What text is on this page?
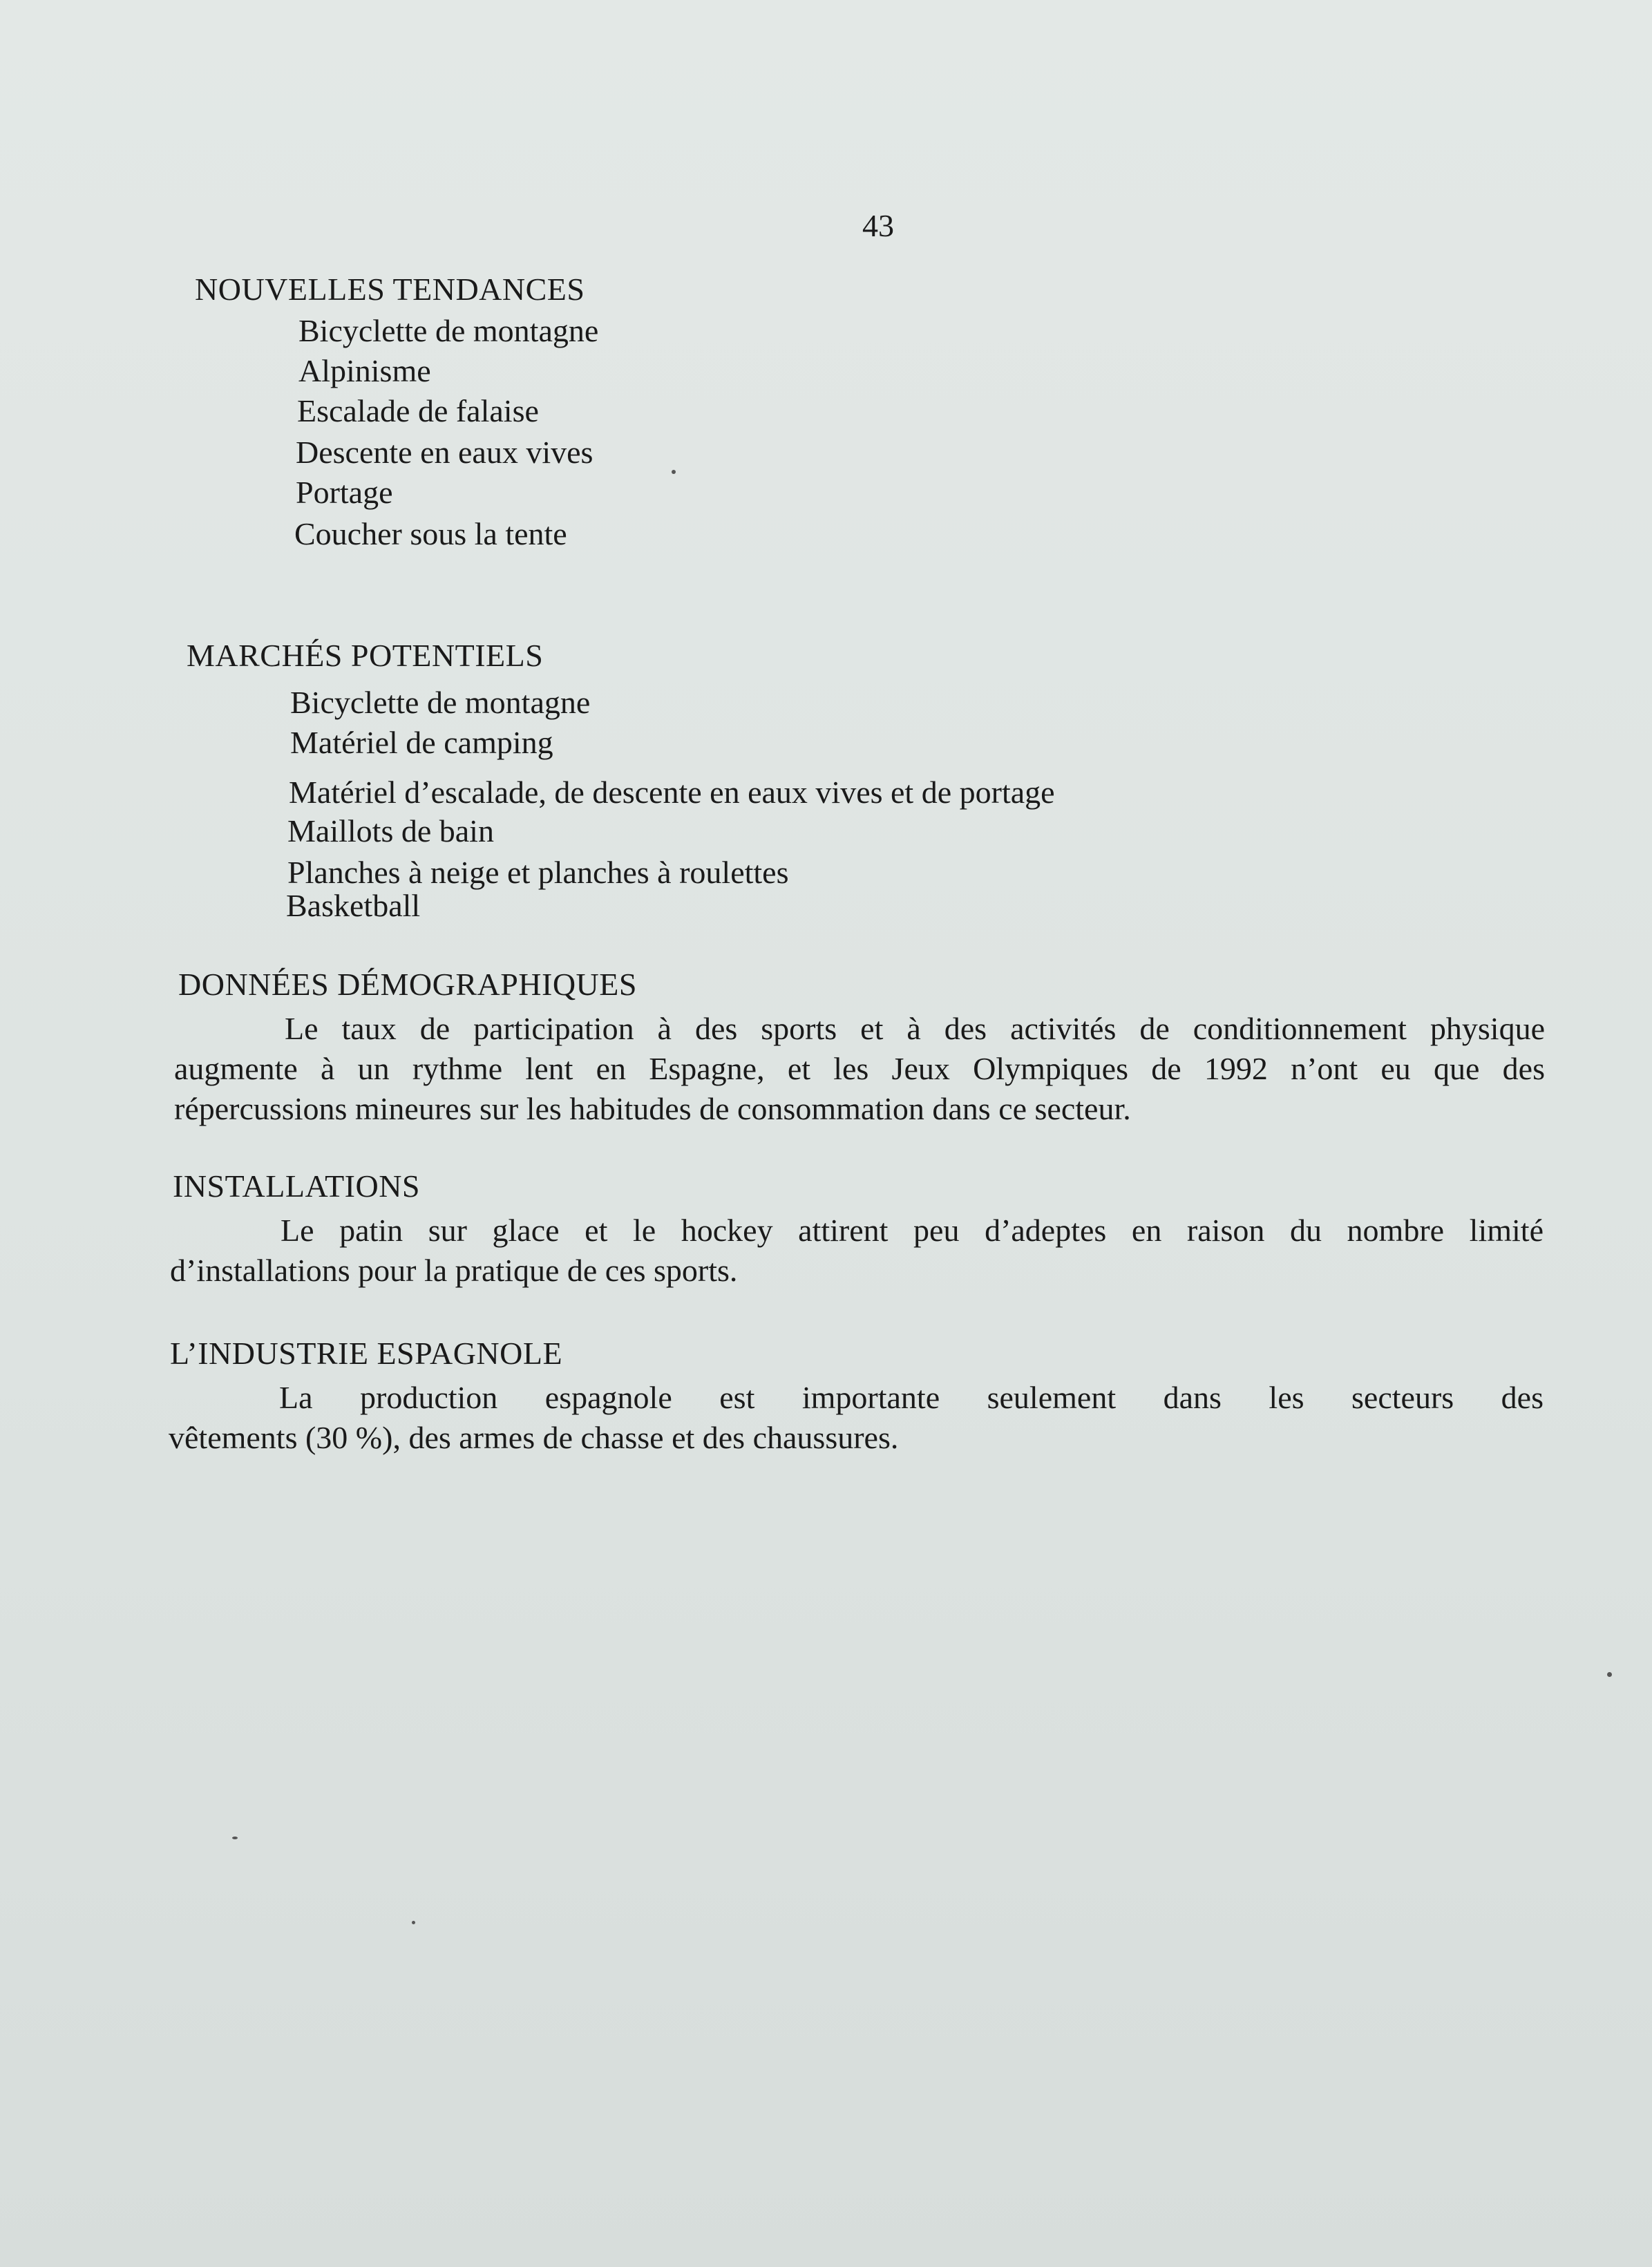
43
NOUVELLES TENDANCES
Bicyclette de montagne
Alpinisme
Escalade de falaise
Descente en eaux vives
Portage
Coucher sous la tente
MARCHÉS POTENTIELS
Bicyclette de montagne
Matériel de camping
Matériel d’escalade, de descente en eaux vives et de portage
Maillots de bain
Planches à neige et planches à roulettes
Basketball
DONNÉES DÉMOGRAPHIQUES
Le taux de participation à des sports et à des activités de conditionnement physique
augmente à un rythme lent en Espagne, et les Jeux Olympiques de 1992 n’ont eu que des
répercussions mineures sur les habitudes de consommation dans ce secteur.
INSTALLATIONS
Le patin sur glace et le hockey attirent peu d’adeptes en raison du nombre limité
d’installations pour la pratique de ces sports.
L’INDUSTRIE ESPAGNOLE
La production espagnole est importante seulement dans les secteurs des
vêtements (30 %), des armes de chasse et des chaussures.
